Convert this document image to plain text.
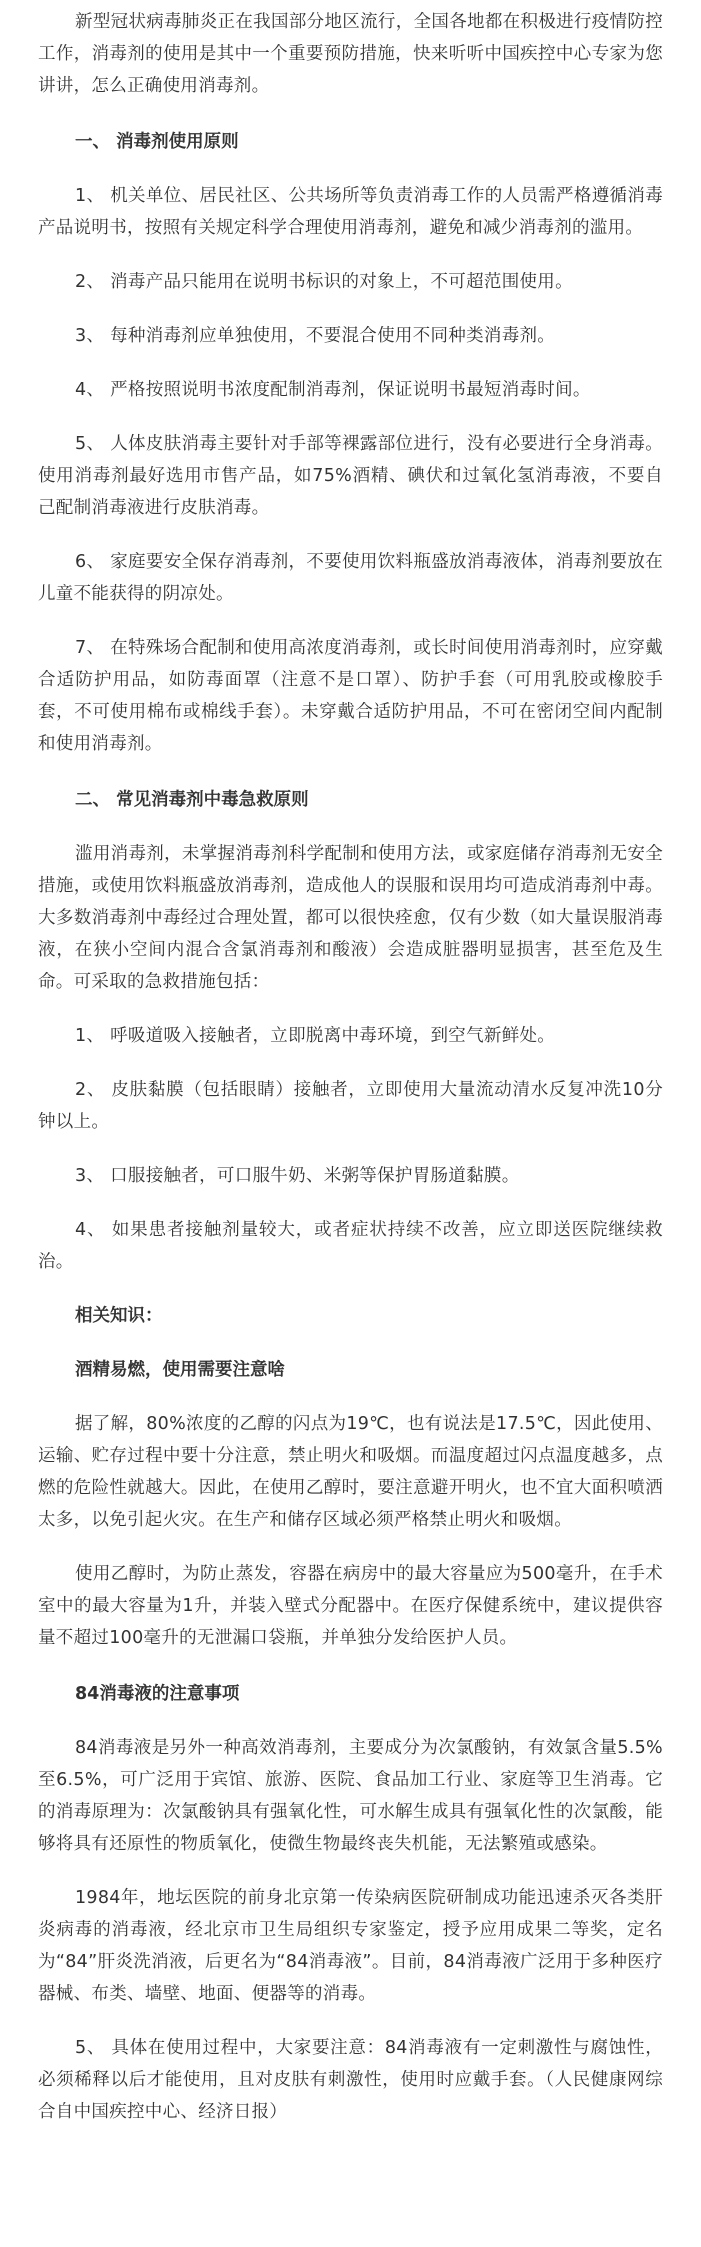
新型冠状病毒肺炎正在我国部分地区流行，全国各地都在积极进行疫情防控工作，消毒剂的使用是其中一个重要预防措施，快来听听中国疾控中心专家为您讲讲，怎么正确使用消毒剂。

一、 消毒剂使用原则

1、 机关单位、居民社区、公共场所等负责消毒工作的人员需严格遵循消毒产品说明书，按照有关规定科学合理使用消毒剂，避免和减少消毒剂的滥用。

2、 消毒产品只能用在说明书标识的对象上，不可超范围使用。

3、 每种消毒剂应单独使用，不要混合使用不同种类消毒剂。

4、 严格按照说明书浓度配制消毒剂，保证说明书最短消毒时间。

5、 人体皮肤消毒主要针对手部等裸露部位进行，没有必要进行全身消毒。使用消毒剂最好选用市售产品，如75%酒精、碘伏和过氧化氢消毒液，不要自己配制消毒液进行皮肤消毒。

6、 家庭要安全保存消毒剂，不要使用饮料瓶盛放消毒液体，消毒剂要放在儿童不能获得的阴凉处。

7、 在特殊场合配制和使用高浓度消毒剂，或长时间使用消毒剂时，应穿戴合适防护用品，如防毒面罩（注意不是口罩）、防护手套（可用乳胶或橡胶手套，不可使用棉布或棉线手套）。未穿戴合适防护用品，不可在密闭空间内配制和使用消毒剂。

二、 常见消毒剂中毒急救原则

滥用消毒剂，未掌握消毒剂科学配制和使用方法，或家庭储存消毒剂无安全措施，或使用饮料瓶盛放消毒剂，造成他人的误服和误用均可造成消毒剂中毒。大多数消毒剂中毒经过合理处置，都可以很快痊愈，仅有少数（如大量误服消毒液，在狭小空间内混合含氯消毒剂和酸液）会造成脏器明显损害，甚至危及生命。可采取的急救措施包括：

1、 呼吸道吸入接触者，立即脱离中毒环境，到空气新鲜处。

2、 皮肤黏膜（包括眼睛）接触者，立即使用大量流动清水反复冲洗10分钟以上。

3、 口服接触者，可口服牛奶、米粥等保护胃肠道黏膜。

4、 如果患者接触剂量较大，或者症状持续不改善，应立即送医院继续救治。

相关知识：

酒精易燃，使用需要注意啥

据了解，80%浓度的乙醇的闪点为19℃，也有说法是17.5℃，因此使用、运输、贮存过程中要十分注意，禁止明火和吸烟。而温度超过闪点温度越多，点燃的危险性就越大。因此，在使用乙醇时，要注意避开明火，也不宜大面积喷洒太多，以免引起火灾。在生产和储存区域必须严格禁止明火和吸烟。

使用乙醇时，为防止蒸发，容器在病房中的最大容量应为500毫升，在手术室中的最大容量为1升，并装入壁式分配器中。在医疗保健系统中，建议提供容量不超过100毫升的无泄漏口袋瓶，并单独分发给医护人员。

84消毒液的注意事项

84消毒液是另外一种高效消毒剂，主要成分为次氯酸钠，有效氯含量5.5%至6.5%，可广泛用于宾馆、旅游、医院、食品加工行业、家庭等卫生消毒。它的消毒原理为：次氯酸钠具有强氧化性，可水解生成具有强氧化性的次氯酸，能够将具有还原性的物质氧化，使微生物最终丧失机能，无法繁殖或感染。

1984年，地坛医院的前身北京第一传染病医院研制成功能迅速杀灭各类肝炎病毒的消毒液，经北京市卫生局组织专家鉴定，授予应用成果二等奖，定名为“84”肝炎洗消液，后更名为“84消毒液”。目前，84消毒液广泛用于多种医疗器械、布类、墙壁、地面、便器等的消毒。

5、 具体在使用过程中，大家要注意：84消毒液有一定刺激性与腐蚀性，必须稀释以后才能使用，且对皮肤有刺激性，使用时应戴手套。（人民健康网综合自中国疾控中心、经济日报）
